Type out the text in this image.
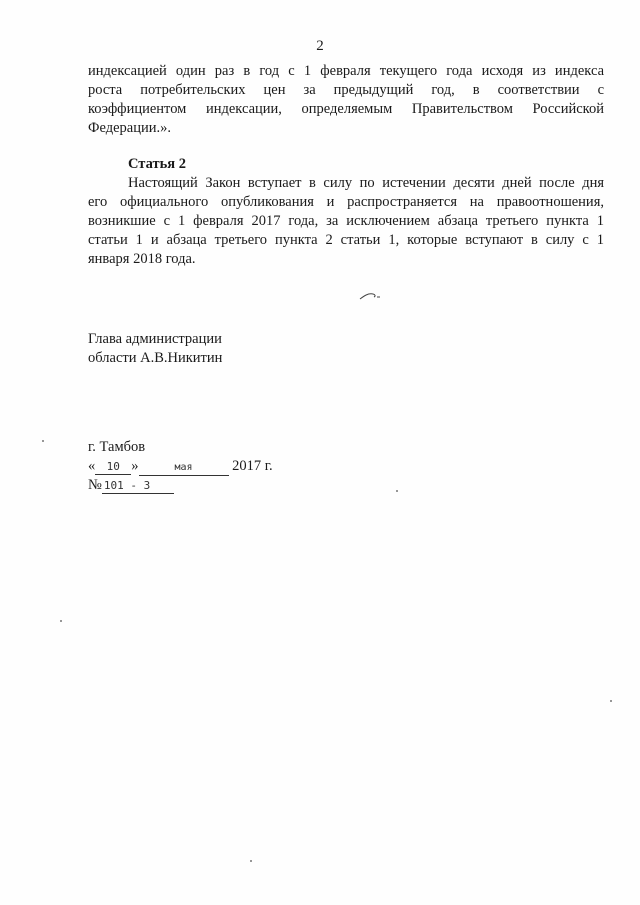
2
индексацией один раз в год с 1 февраля текущего года исходя из индекса
роста потребительских цен за предыдущий год, в соответствии с
коэффициентом индексации, определяемым Правительством Российской
Федерации.».
Статья 2
Настоящий Закон вступает в силу по истечении десяти дней после дня
его официального опубликования и распространяется на правоотношения,
возникшие с 1 февраля 2017 года, за исключением абзаца третьего пункта 1
статьи 1 и абзаца третьего пункта 2 статьи 1, которые вступают в силу с 1
января 2018 года.
Глава администрации
области А.В.Никитин
г. Тамбов
« 10 »	мая	2017 г.
№ 101 - З
